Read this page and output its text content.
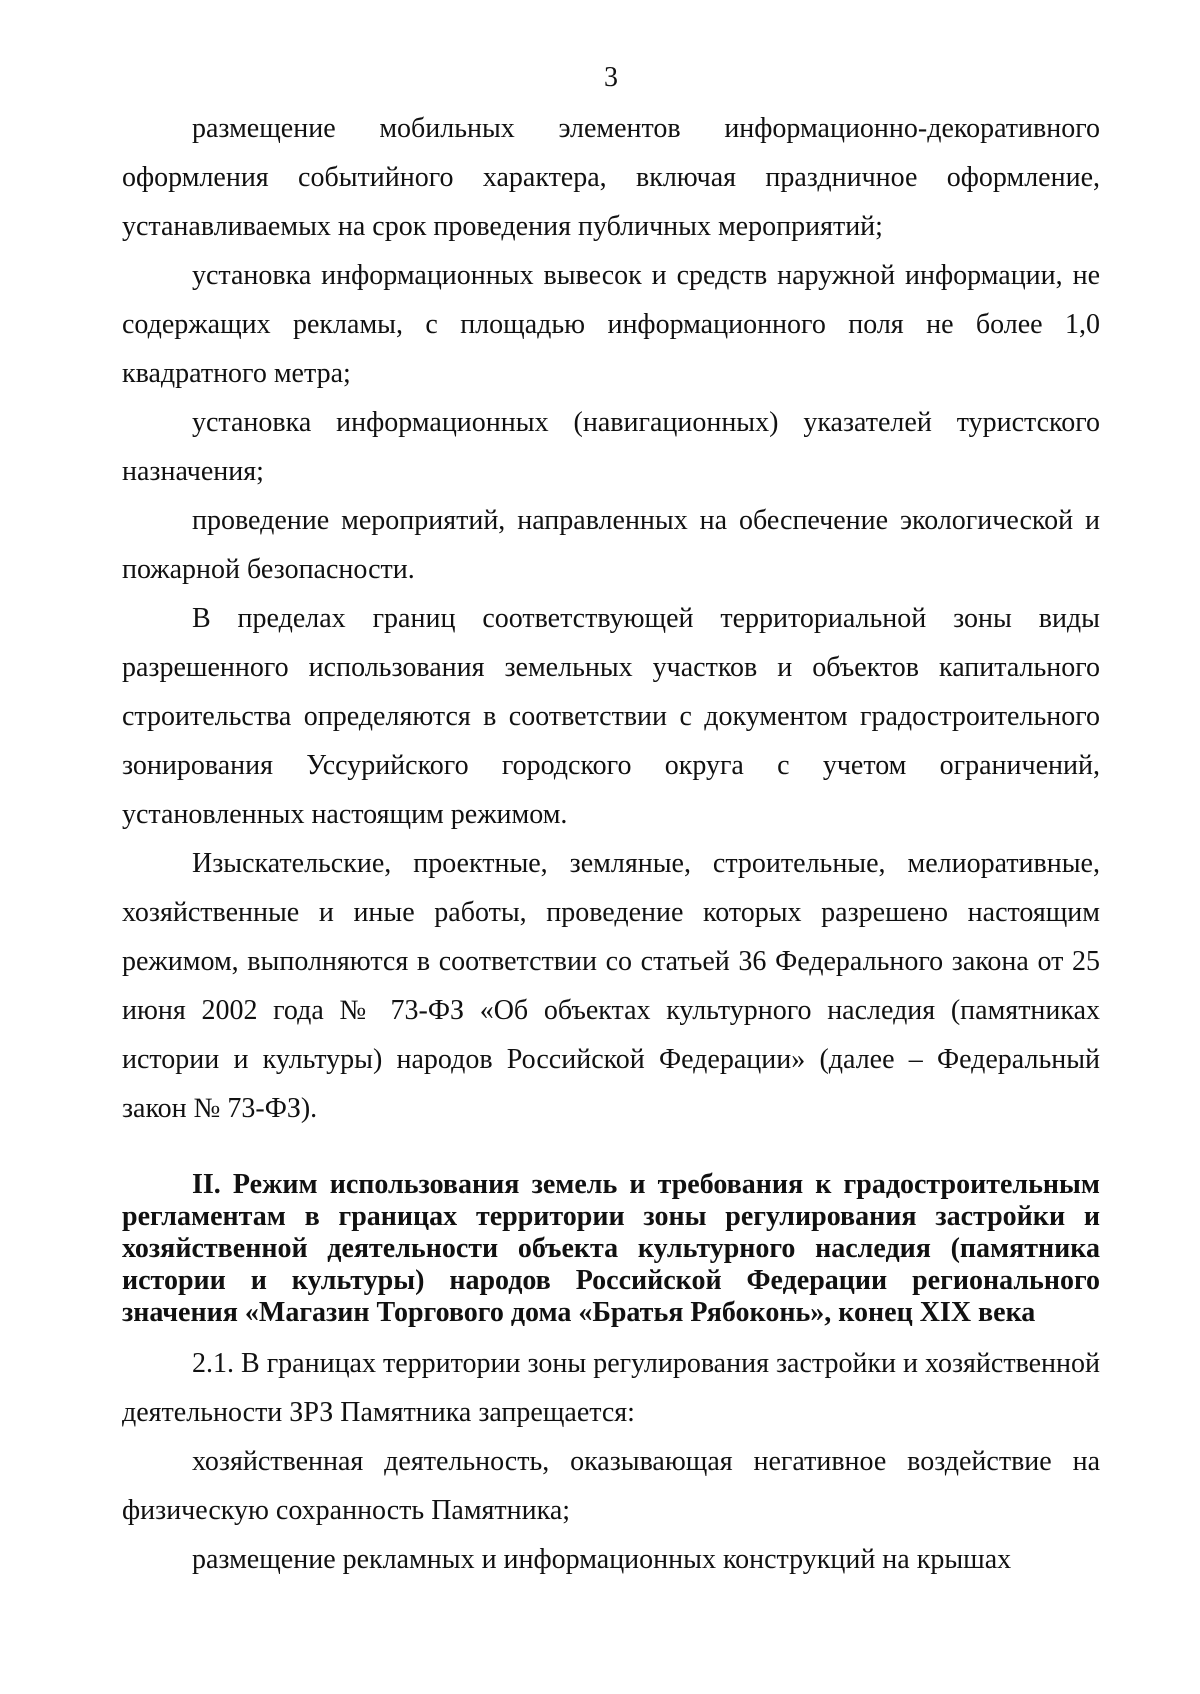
3

размещение мобильных элементов информационно-декоративного оформления событийного характера, включая праздничное оформление, устанавливаемых на срок проведения публичных мероприятий;

установка информационных вывесок и средств наружной информации, не содержащих рекламы, с площадью информационного поля не более 1,0 квадратного метра;

установка информационных (навигационных) указателей туристского назначения;

проведение мероприятий, направленных на обеспечение экологической и пожарной безопасности.

В пределах границ соответствующей территориальной зоны виды разрешенного использования земельных участков и объектов капитального строительства определяются в соответствии с документом градостроительного зонирования Уссурийского городского округа с учетом ограничений, установленных настоящим режимом.

Изыскательские, проектные, земляные, строительные, мелиоративные, хозяйственные и иные работы, проведение которых разрешено настоящим режимом, выполняются в соответствии со статьей 36 Федерального закона от 25 июня 2002 года № 73-ФЗ «Об объектах культурного наследия (памятниках истории и культуры) народов Российской Федерации» (далее – Федеральный закон № 73-ФЗ).

II. Режим использования земель и требования к градостроительным регламентам в границах территории зоны регулирования застройки и хозяйственной деятельности объекта культурного наследия (памятника истории и культуры) народов Российской Федерации регионального значения «Магазин Торгового дома «Братья Рябоконь», конец XIX века

2.1. В границах территории зоны регулирования застройки и хозяйственной деятельности ЗРЗ Памятника запрещается:

хозяйственная деятельность, оказывающая негативное воздействие на физическую сохранность Памятника;

размещение рекламных и информационных конструкций на крышах
